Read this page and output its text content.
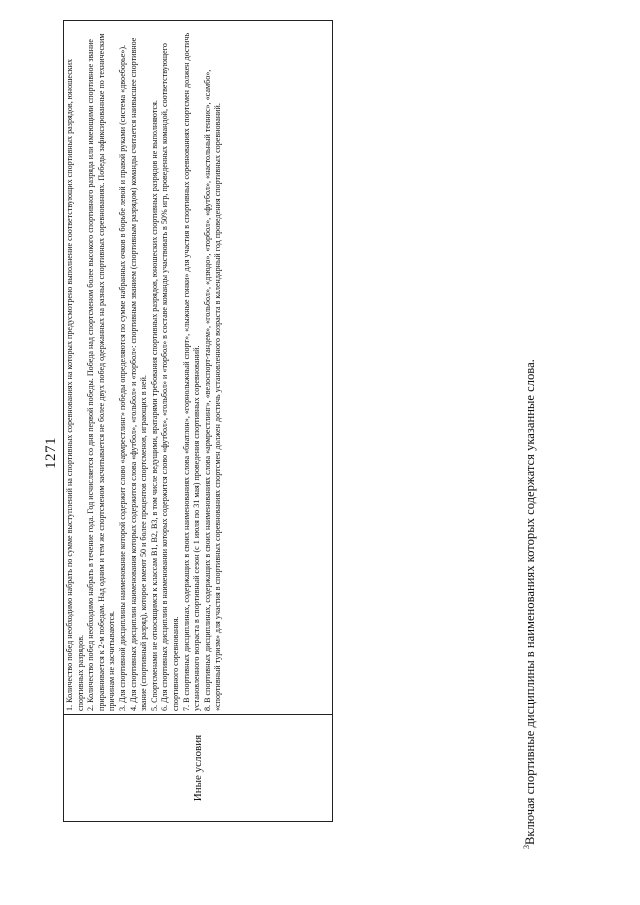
1271
Иные условия	

1. Количество побед необходимо набрать по сумме выступлений на спортивных соревнованиях на которых предусмотрено выполнение соответствующих спортивных разрядов, юношеских спортивных разрядов. 2. Количество побед необходимо набрать в течение года. Год исчисляется со дня первой победы. Победа над спортсменом более высокого спортивного разряда или имеющими спортивное звание приравнивается к 2-м победам. Над одним и тем же спортсменом засчитывается не более двух побед одержанных на разных спортивных соревнованиях. Победы зафиксированные по техническим причинам не засчитываются. 3. Для спортивной дисциплины наименование которой содержит слово «армрестлинг» победы определяются по сумме набранных очков в борьбе левой и правой руками (система «двоеборье»). 4. Для спортивных дисциплин наименования которых содержится слова «футбол», «гольбол» и «торбол»: спортивным званием (спортивным разрядом) команды считается наивысшее спортивное звание (спортивный разряд), которое имеют 50 и более процентов спортсменов, играющих в ней. 5. Спортсменами не относящимся к классам B1, B2, B3, в том числе ведущими, вратарями требования спортивных разрядов, юношеских спортивных разрядов не выполняются. 6. Для спортивных дисциплин в наименовании которых содержится слово «футбол», «гольбол» и «торбол» в составе команды участвовать в 50% игр, проведенных командой, соответствующего спортивного соревнования. 7. В спортивных дисциплинах, содержащих в своих наименованиях слова «биатлон», «горнолыжный спорт», «лыжные гонки» для участия в спортивных соревнованиях спортсмен должен достичь установленного возраста в спортивный сезон (с 1 июля по 31 мая) проведения спортивных соревнований. 8. В спортивных дисциплинах, содержащих в своих наименованиях слова «армрестлинг», «велоспорт-тандем», «гольбол», «дзюдо», «торбол», «футбол», «настольный теннис», «самбо», «спортивный туризм» для участия в спортивных соревнованиях спортсмен должен достичь установленного возраста в календарный год проведения спортивных соревнований.

$^3$Включая спортивные дисциплины в наименованиях которых содержатся указанные слова.
